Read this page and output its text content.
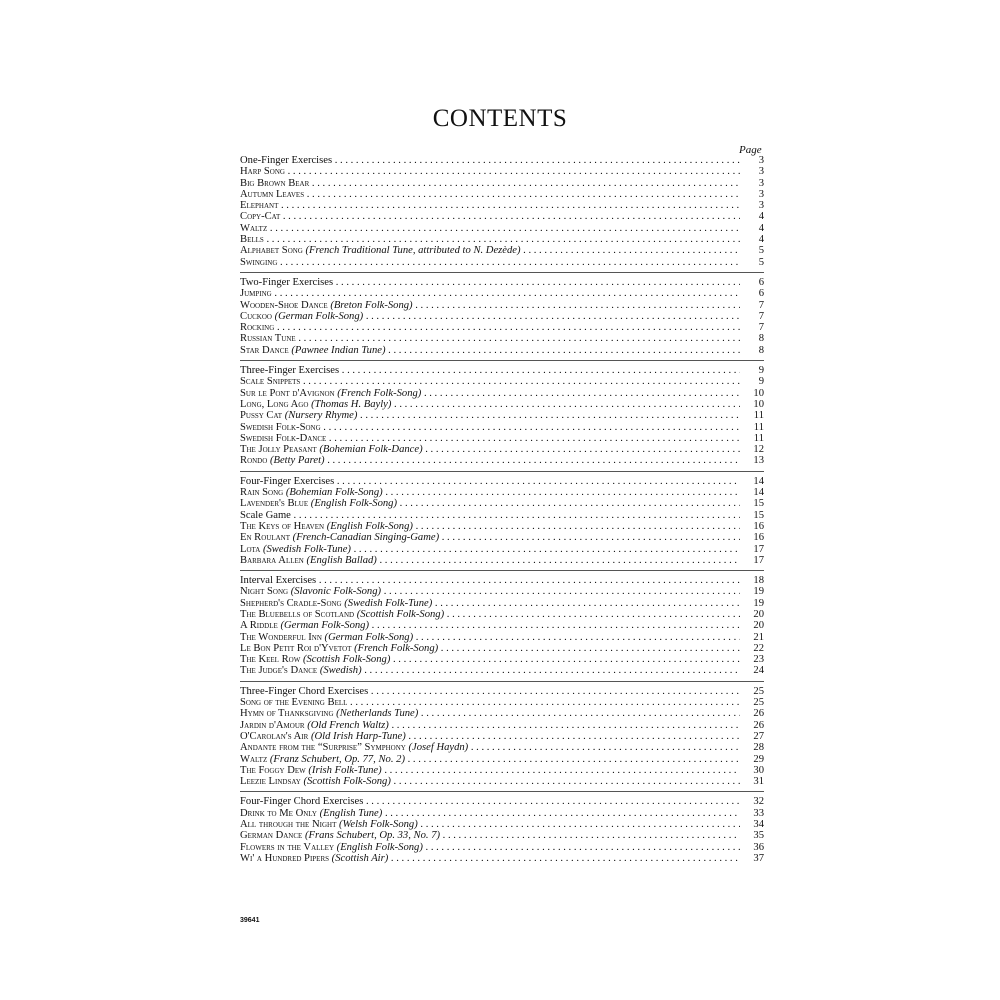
CONTENTS
Page
One-Finger Exercises . . .	3
Harp Song . . .	3
Big Brown Bear . . .	3
Autumn Leaves . . .	3
Elephant . . .	3
Copy-Cat . . .	4
Waltz . . .	4
Bells . . .	4
Alphabet Song (French Traditional Tune, attributed to N. Dezède) . . .	5
Swinging . . .	5
Two-Finger Exercises . . .	6
Jumping . . .	6
Wooden-Shoe Dance (Breton Folk-Song) . . .	7
Cuckoo (German Folk-Song) . . .	7
Rocking . . .	7
Russian Tune . . .	8
Star Dance (Pawnee Indian Tune) . . .	8
Three-Finger Exercises . . .	9
Scale Snippets . . .	9
Sur le Pont d'Avignon (French Folk-Song) . . .	10
Long, Long Ago (Thomas H. Bayly) . . .	10
Pussy Cat (Nursery Rhyme) . . .	11
Swedish Folk-Song . . .	11
Swedish Folk-Dance . . .	11
The Jolly Peasant (Bohemian Folk-Dance) . . .	12
Rondo (Betty Paret) . . .	13
Four-Finger Exercises . . .	14
Rain Song (Bohemian Folk-Song) . . .	14
Lavender's Blue (English Folk-Song) . . .	15
Scale Game . . .	15
The Keys of Heaven (English Folk-Song) . . .	16
En Roulant (French-Canadian Singing-Game) . . .	16
Lota (Swedish Folk-Tune) . . .	17
Barbara Allen (English Ballad) . . .	17
Interval Exercises . . .	18
Night Song (Slavonic Folk-Song) . . .	19
Shepherd's Cradle-Song (Swedish Folk-Tune) . . .	19
The Bluebells of Scotland (Scottish Folk-Song) . . .	20
A Riddle (German Folk-Song) . . .	20
The Wonderful Inn (German Folk-Song) . . .	21
Le Bon Petit Roi d'Yvetot (French Folk-Song) . . .	22
The Keel Row (Scottish Folk-Song) . . .	23
The Judge's Dance (Swedish) . . .	24
Three-Finger Chord Exercises . . .	25
Song of the Evening Bell . . .	25
Hymn of Thanksgiving (Netherlands Tune) . . .	26
Jardin d'Amour (Old French Waltz) . . .	26
O'Carolan's Air (Old Irish Harp-Tune) . . .	27
Andante from the “Surprise” Symphony (Josef Haydn) . . .	28
Waltz (Franz Schubert, Op. 77, No. 2) . . .	29
The Foggy Dew (Irish Folk-Tune) . . .	30
Leezie Lindsay (Scottish Folk-Song) . . .	31
Four-Finger Chord Exercises . . .	32
Drink to Me Only (English Tune) . . .	33
All through the Night (Welsh Folk-Song) . . .	34
German Dance (Frans Schubert, Op. 33, No. 7) . . .	35
Flowers in the Valley (English Folk-Song) . . .	36
Wi' a Hundred Pipers (Scottish Air) . . .	37
39641
